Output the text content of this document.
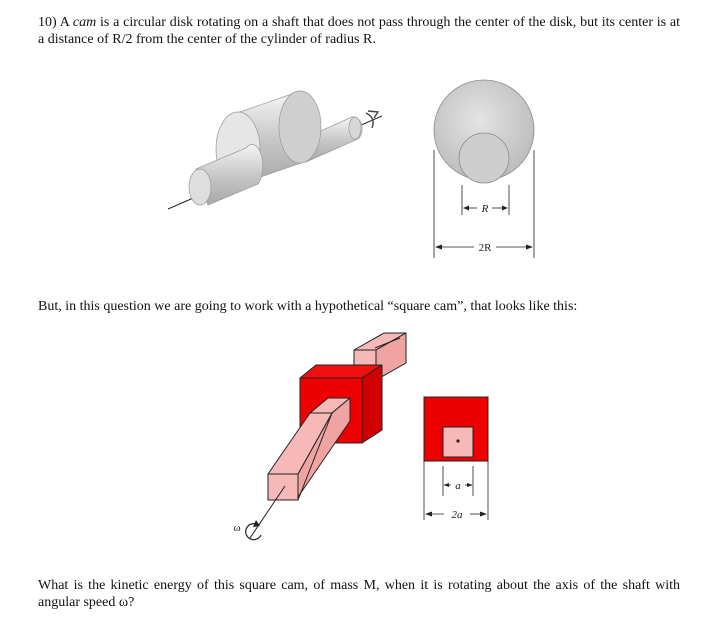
10) A cam is a circular disk rotating on a shaft that does not pass through the center of the disk, but its center is at a distance of R/2 from the center of the cylinder of radius R.

R
2R
ω
a
2a

But, in this question we are going to work with a hypothetical “square cam”, that looks like this:

What is the kinetic energy of this square cam, of mass M, when it is rotating about the axis of the shaft with angular speed ω?
